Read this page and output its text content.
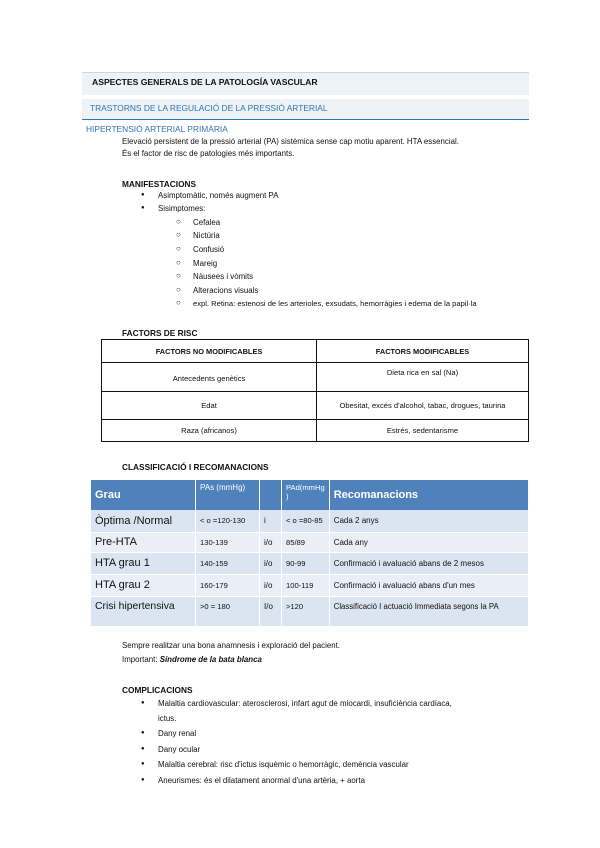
ASPECTES GENERALS DE LA PATOLOGÍA VASCULAR
TRASTORNS DE LA REGULACIÓ DE LA PRESSIÓ ARTERIAL
HIPERTENSIÓ ARTERIAL PRIMÀRIA
Elevació persistent de la pressió arterial (PA) sistèmica sense cap motiu aparent. HTA essencial.
És el factor de risc de patologies més importants.
MANIFESTACIONS
● Asimptomàtic, només augment PA
● Sisimptomes:
○ Cefalea
○ Nictúria
○ Confusió
○ Mareig
○ Nàusees i vòmits
○ Alteracions visuals
○ expl. Retina: estenosi de les arterioles, exsudats, hemorràgies i edema de la papil·la
FACTORS DE RISC
FACTORS NO MODIFICABLES	FACTORS MODIFICABLES
Antecedents genètics	Dieta rica en sal (Na)
Edat	Obesitat, excés d'alcohol, tabac, drogues, taurina
Raza (africanos)	Estrés, sedentarisme
CLASSIFICACIÓ I RECOMANACIONS
Grau	PAs (mmHg)		PAd(mmHg )	Recomanacions
Òptima /Normal	< o =120-130	i	< o =80-85	Cada 2 anys
Pre-HTA	130-139	i/o	85/89	Cada any
HTA grau 1	140-159	i/o	90-99	Confirmació i avaluació abans de 2 mesos
HTA grau 2	160-179	i/o	100-119	Confirmació i avaluació abans d'un mes
Crisi hipertensiva	>0 = 180	I/o	>120	Classificació I actuació Immediata segons la PA
Sempre realitzar una bona anamnesis i exploració del pacient.
Important: Síndrome de la bata blanca
COMPLICACIONS
● Malaltia cardiovascular: aterosclerosi, infart agut de miocardi, insuficiència cardíaca,
ictus.
● Dany renal
● Dany ocular
● Malaltia cerebral: risc d'ictus isquèmic o hemorràgic, demència vascular
● Aneurismes: és el dilatament anormal d'una artèria, + aorta
